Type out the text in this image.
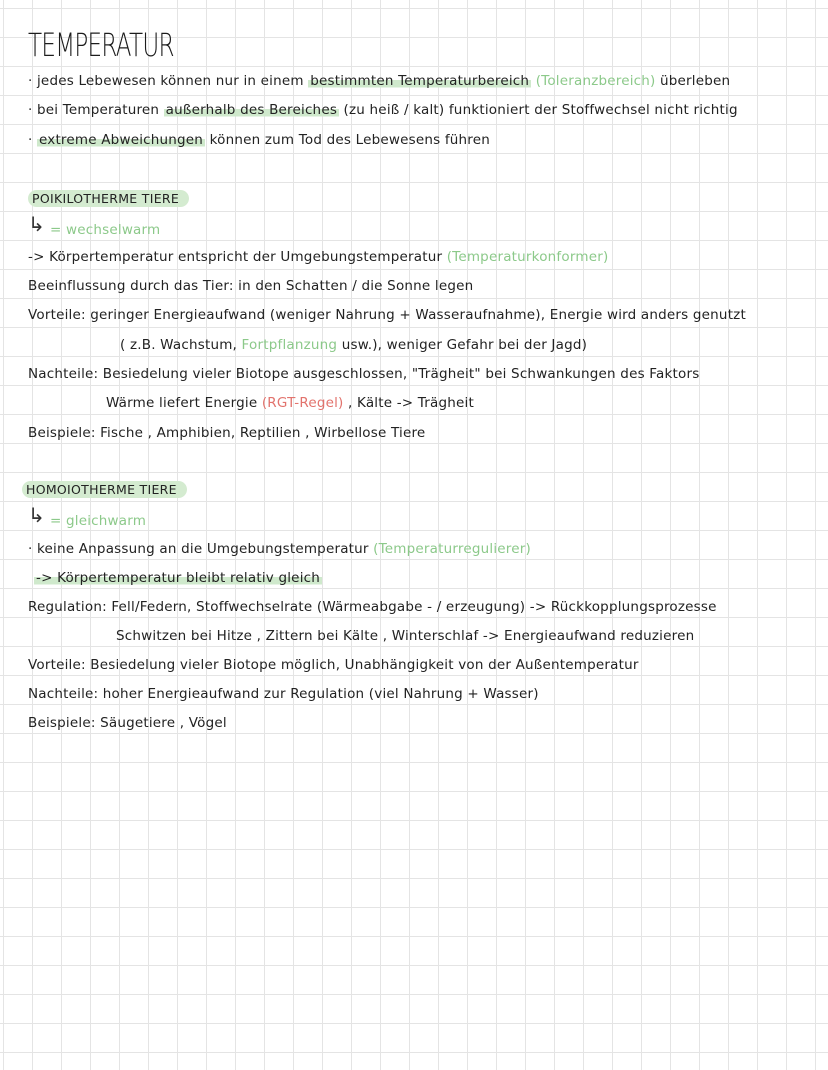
TEMPERATUR
· jedes Lebewesen können nur in einem bestimmten Temperaturbereich (Toleranzbereich) überleben
· bei Temperaturen außerhalb des Bereiches (zu heiß / kalt) funktioniert der Stoffwechsel nicht richtig
· extreme Abweichungen können zum Tod des Lebewesens führen
POIKILOTHERME TIERE
↳ = wechselwarm
-> Körpertemperatur entspricht der Umgebungstemperatur (Temperaturkonformer)
Beeinflussung durch das Tier: in den Schatten / die Sonne legen
Vorteile: geringer Energieaufwand (weniger Nahrung + Wasseraufnahme), Energie wird anders genutzt
( z.B. Wachstum, Fortpflanzung usw.), weniger Gefahr bei der Jagd)
Nachteile: Besiedelung vieler Biotope ausgeschlossen, "Trägheit" bei Schwankungen des Faktors
Wärme liefert Energie (RGT-Regel) , Kälte -> Trägheit
Beispiele: Fische , Amphibien, Reptilien , Wirbellose Tiere
HOMOIOTHERME TIERE
↳ = gleichwarm
· keine Anpassung an die Umgebungstemperatur (Temperaturregulierer)
-> Körpertemperatur bleibt relativ gleich
Regulation: Fell/Federn, Stoffwechselrate (Wärmeabgabe - / erzeugung) -> Rückkopplungsprozesse
Schwitzen bei Hitze , Zittern bei Kälte , Winterschlaf -> Energieaufwand reduzieren
Vorteile: Besiedelung vieler Biotope möglich, Unabhängigkeit von der Außentemperatur
Nachteile: hoher Energieaufwand zur Regulation (viel Nahrung + Wasser)
Beispiele: Säugetiere , Vögel
